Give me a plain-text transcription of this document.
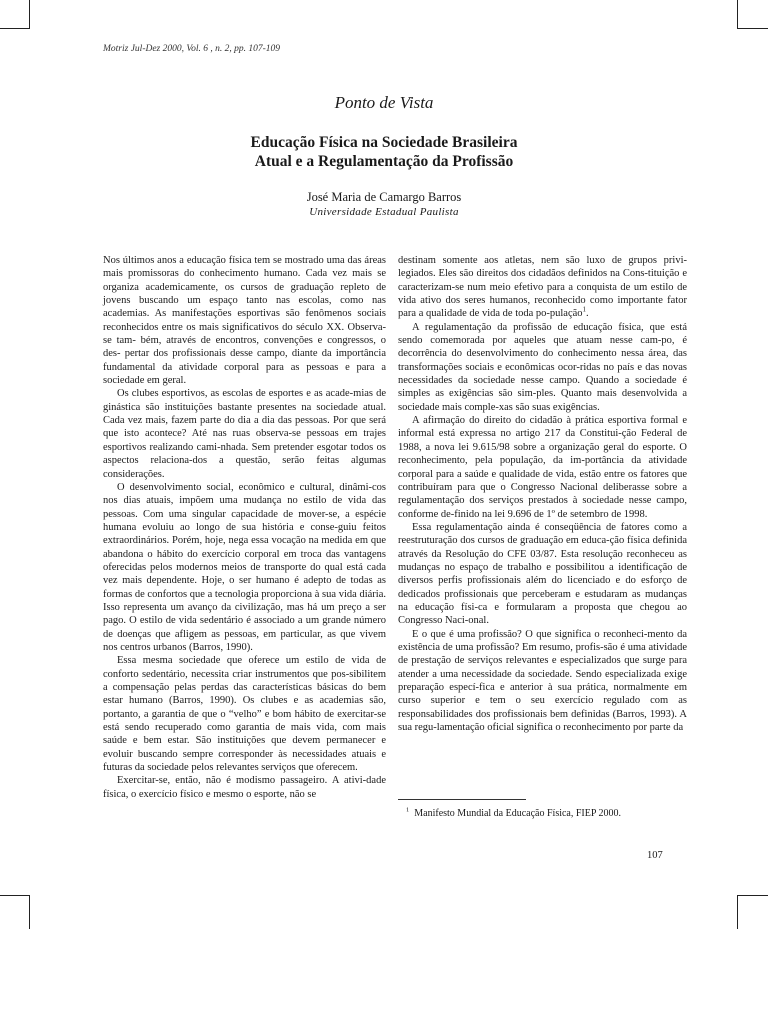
Motriz Jul-Dez 2000, Vol. 6 , n. 2, pp. 107-109
Ponto de Vista
Educação Física na Sociedade Brasileira
Atual e a Regulamentação da Profissão
José Maria de Camargo Barros
Universidade Estadual Paulista

Nos últimos anos a educação física tem se mostrado uma das áreas mais promissoras do conhecimento humano. Cada vez mais se organiza academicamente, os cursos de graduação repleto de jovens buscando um espaço tanto nas escolas, como nas academias. As manifestações esportivas são fenômenos sociais reconhecidos entre os mais significativos do século XX. Observa-se tam- bém, através de encontros, convenções e congressos, o des- pertar dos profissionais desse campo, diante da importância fundamental da atividade corporal para as pessoas e para a sociedade em geral.

Os clubes esportivos, as escolas de esportes e as acade-mias de ginástica são instituições bastante presentes na sociedade atual. Cada vez mais, fazem parte do dia a dia das pessoas. Por que será que isto acontece? Até nas ruas observa-se pessoas em trajes esportivos realizando cami-nhada. Sem pretender esgotar todos os aspectos relaciona-dos a questão, serão feitas algumas considerações.

O desenvolvimento social, econômico e cultural, dinâmi-cos nos dias atuais, impõem uma mudança no estilo de vida das pessoas. Com uma singular capacidade de mover-se, a espécie humana evoluiu ao longo de sua história e conse-guiu feitos extraordinários. Porém, hoje, nega essa vocação na medida em que abandona o hábito do exercício corporal em troca das vantagens oferecidas pelos modernos meios de transporte do qual está cada vez mais dependente. Hoje, o ser humano é adepto de todas as formas de confortos que a tecnologia proporciona à sua vida diária. Isso representa um avanço da civilização, mas há um preço a ser pago. O estilo de vida sedentário é associado a um grande número de doenças que afligem as pessoas, em particular, as que vivem nos centros urbanos (Barros, 1990).

Essa mesma sociedade que oferece um estilo de vida de conforto sedentário, necessita criar instrumentos que pos-sibilitem a compensação pelas perdas das características básicas do bem estar humano (Barros, 1990). Os clubes e as academias são, portanto, a garantia de que o “velho” e bom hábito de exercitar-se está sendo recuperado como garantia de mais vida, com mais saúde e bem estar. São instituições que devem permanecer e evoluir buscando sempre corresponder às necessidades atuais e futuras da sociedade pelos relevantes serviços que oferecem.

Exercitar-se, então, não é modismo passageiro. A ativi-dade física, o exercício físico e mesmo o esporte, não se

destinam somente aos atletas, nem são luxo de grupos privi-legiados. Eles são direitos dos cidadãos definidos na Cons-tituição e caracterizam-se num meio efetivo para a conquista de um estilo de vida ativo dos seres humanos, reconhecido como importante fator para a qualidade de vida de toda po-pulação$^1$.

A regulamentação da profissão de educação física, que está sendo comemorada por aqueles que atuam nesse cam-po, é decorrência do desenvolvimento do conhecimento nessa área, das transformações sociais e econômicas ocor-ridas no país e das novas necessidades da sociedade nesse campo. Quando a sociedade é simples as exigências são sim-ples. Quanto mais desenvolvida a sociedade mais comple-xas são suas exigências.

A afirmação do direito do cidadão à prática esportiva formal e informal está expressa no artigo 217 da Constitui-ção Federal de 1988, a nova lei 9.615/98 sobre a organização geral do esporte. O reconhecimento, pela população, da im-portância da atividade corporal para a saúde e qualidade de vida, estão entre os fatores que contribuíram para que o Congresso Nacional deliberasse sobre a regulamentação dos serviços prestados à sociedade nesse campo, conforme de-finido na lei 9.696 de 1º de setembro de 1998.

Essa regulamentação ainda é conseqüência de fatores como a reestruturação dos cursos de graduação em educa-ção física definida através da Resolução do CFE 03/87. Esta resolução reconheceu as mudanças no espaço de trabalho e possibilitou a identificação de diversos perfis profissionais além do licenciado e do esforço de dedicados profissionais que perceberam e estudaram as mudanças na educação físi-ca e formularam a proposta que chegou ao Congresso Naci-onal.

E o que é uma profissão? O que significa o reconheci-mento da existência de uma profissão? Em resumo, profis-são é uma atividade de prestação de serviços relevantes e especializados que surge para atender a uma necessidade da sociedade. Sendo especializada exige preparação especí-fica e anterior à sua prática, normalmente em curso superior e tem o seu exercício regulado com as responsabilidades dos profissionais bem definidas (Barros, 1993). A sua regu-lamentação oficial significa o reconhecimento por parte da

$^1$ Manifesto Mundial da Educação Física, FIEP 2000.
107
